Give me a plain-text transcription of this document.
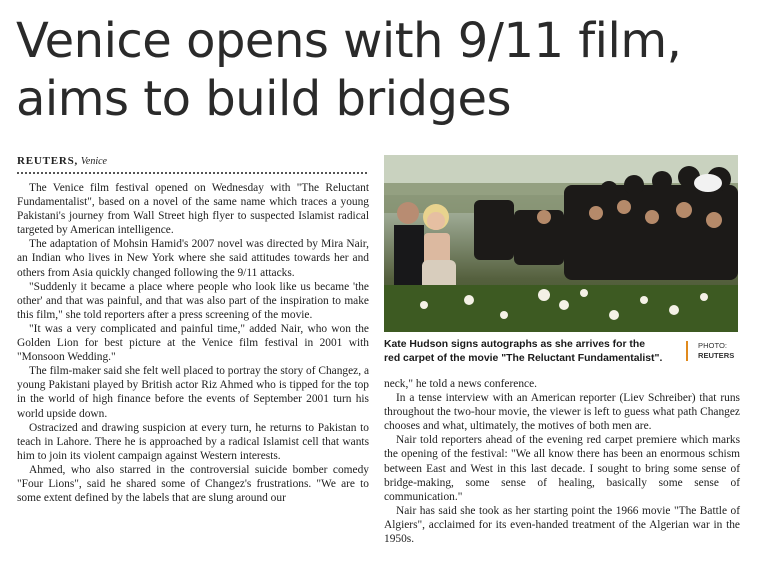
Venice opens with 9/11 film, aims to build bridges
REUTERS, Venice

The Venice film festival opened on Wednesday with "The Reluctant Fundamentalist", based on a novel of the same name which traces a young Pakistani's journey from Wall Street high flyer to suspected Islamist radical targeted by American intelligence.

The adaptation of Mohsin Hamid's 2007 novel was directed by Mira Nair, an Indian who lives in New York where she said attitudes towards her and others from Asia quickly changed following the 9/11 attacks.

"Suddenly it became a place where people who look like us became 'the other' and that was painful, and that was also part of the inspiration to make this film," she told reporters after a press screening of the movie.

"It was a very complicated and painful time," added Nair, who won the Golden Lion for best picture at the Venice film festival in 2001 with "Monsoon Wedding."

The film-maker said she felt well placed to portray the story of Changez, a young Pakistani played by British actor Riz Ahmed who is tipped for the top in the world of high finance before the events of September 2001 turn his world upside down.

Ostracized and drawing suspicion at every turn, he returns to Pakistan to teach in Lahore. There he is approached by a radical Islamist cell that wants him to join its violent campaign against Western interests.

Ahmed, who also starred in the controversial suicide bomber comedy "Four Lions", said he shared some of Changez's frustrations. "We are to some extent defined by the labels that are slung around our

Kate Hudson signs autographs as she arrives for the red carpet of the movie "The Reluctant Fundamentalist".
PHOTO:
REUTERS

neck," he told a news conference.

In a tense interview with an American reporter (Liev Schreiber) that runs throughout the two-hour movie, the viewer is left to guess what path Changez chooses and what, ultimately, the motives of both men are.

Nair told reporters ahead of the evening red carpet premiere which marks the opening of the festival: "We all know there has been an enormous schism between East and West in this last decade. I sought to bring some sense of bridge-making, some sense of healing, basically some sense of communication."

Nair has said she took as her starting point the 1966 movie "The Battle of Algiers", acclaimed for its even-handed treatment of the Algerian war in the 1950s.
